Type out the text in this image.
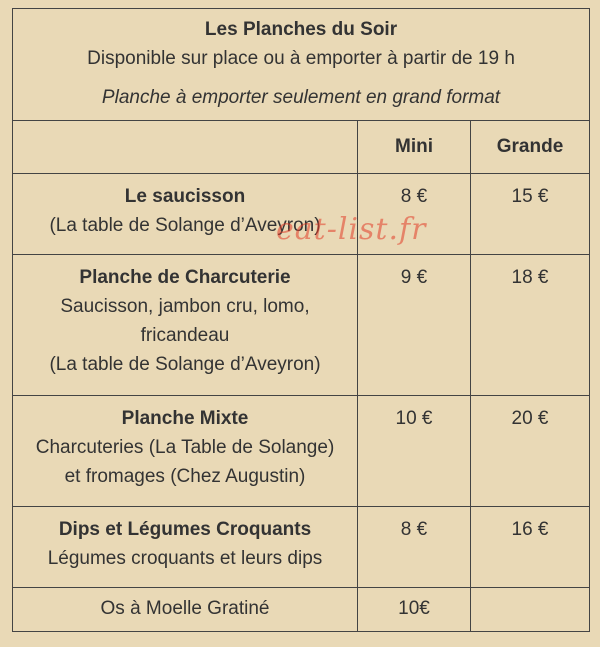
Les Planches du Soir
Disponible sur place ou à emporter à partir de 19 h
Planche à emporter seulement en grand format		

	Mini	Grande

Le saucisson
(La table de Solange d’Aveyron)	8 €	15 €

Planche de Charcuterie
Saucisson, jambon cru, lomo,
fricandeau
(La table de Solange d’Aveyron)	9 €	18 €

Planche Mixte
Charcuteries (La Table de Solange)
et fromages (Chez Augustin)	10 €	20 €

Dips et Légumes Croquants
Légumes croquants et leurs dips	8 €	16 €

Os à Moelle Gratiné	10€	
eat-list.fr
